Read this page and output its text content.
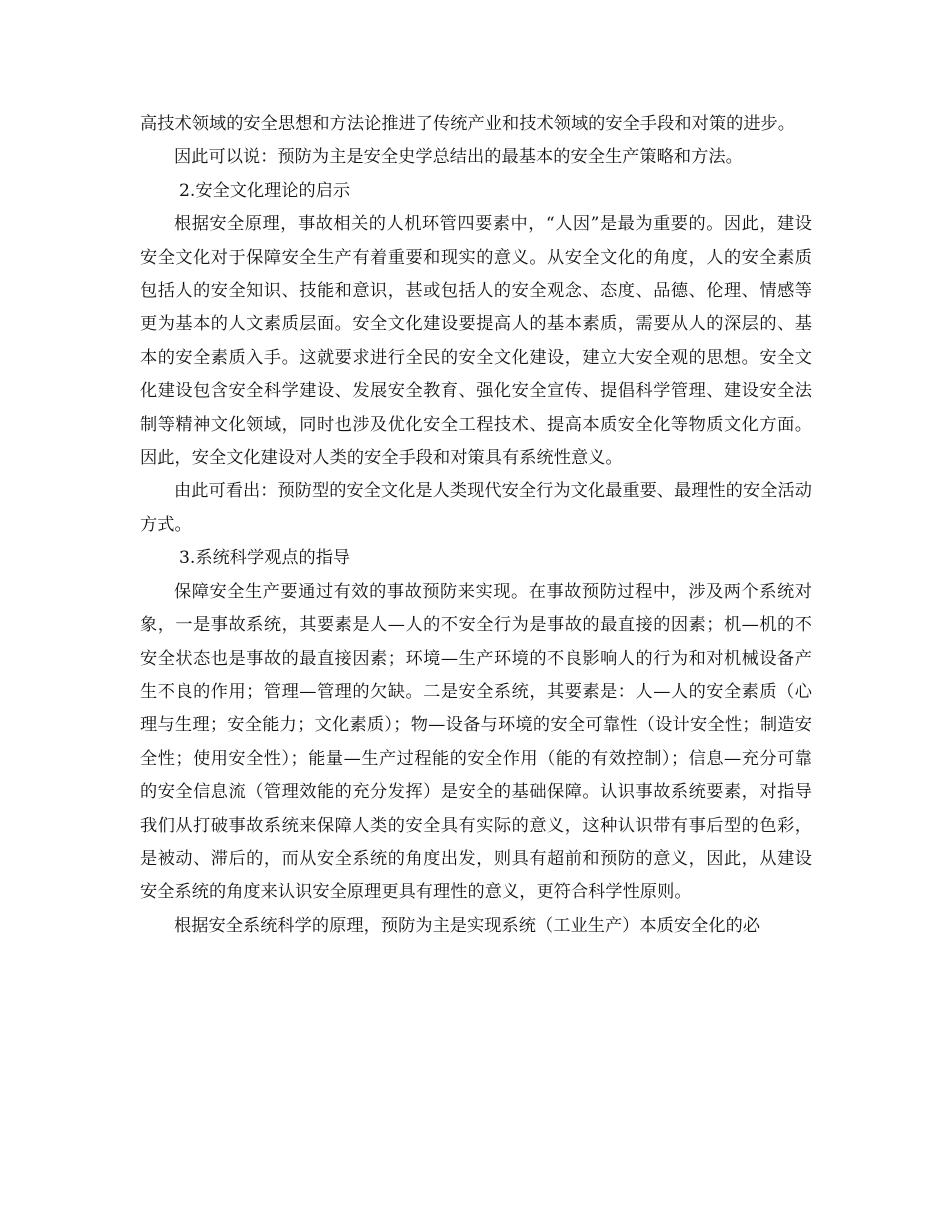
高技术领域的安全思想和方法论推进了传统产业和技术领域的安全手段和对策的进步。

因此可以说：预防为主是安全史学总结出的最基本的安全生产策略和方法。

2.安全文化理论的启示

根据安全原理，事故相关的人机环管四要素中，“人因”是最为重要的。因此，建设安全文化对于保障安全生产有着重要和现实的意义。从安全文化的角度，人的安全素质包括人的安全知识、技能和意识，甚或包括人的安全观念、态度、品德、伦理、情感等更为基本的人文素质层面。安全文化建设要提高人的基本素质，需要从人的深层的、基本的安全素质入手。这就要求进行全民的安全文化建设，建立大安全观的思想。安全文化建设包含安全科学建设、发展安全教育、强化安全宣传、提倡科学管理、建设安全法制等精神文化领域，同时也涉及优化安全工程技术、提高本质安全化等物质文化方面。因此，安全文化建设对人类的安全手段和对策具有系统性意义。

由此可看出：预防型的安全文化是人类现代安全行为文化最重要、最理性的安全活动方式。

3.系统科学观点的指导

保障安全生产要通过有效的事故预防来实现。在事故预防过程中，涉及两个系统对象，一是事故系统，其要素是人—人的不安全行为是事故的最直接的因素；机—机的不安全状态也是事故的最直接因素；环境—生产环境的不良影响人的行为和对机械设备产生不良的作用；管理—管理的欠缺。二是安全系统，其要素是：人—人的安全素质（心理与生理；安全能力；文化素质）；物—设备与环境的安全可靠性（设计安全性；制造安全性；使用安全性）；能量—生产过程能的安全作用（能的有效控制）；信息—充分可靠的安全信息流（管理效能的充分发挥）是安全的基础保障。认识事故系统要素，对指导我们从打破事故系统来保障人类的安全具有实际的意义，这种认识带有事后型的色彩，是被动、滞后的，而从安全系统的角度出发，则具有超前和预防的意义，因此，从建设安全系统的角度来认识安全原理更具有理性的意义，更符合科学性原则。

根据安全系统科学的原理，预防为主是实现系统（工业生产）本质安全化的必
